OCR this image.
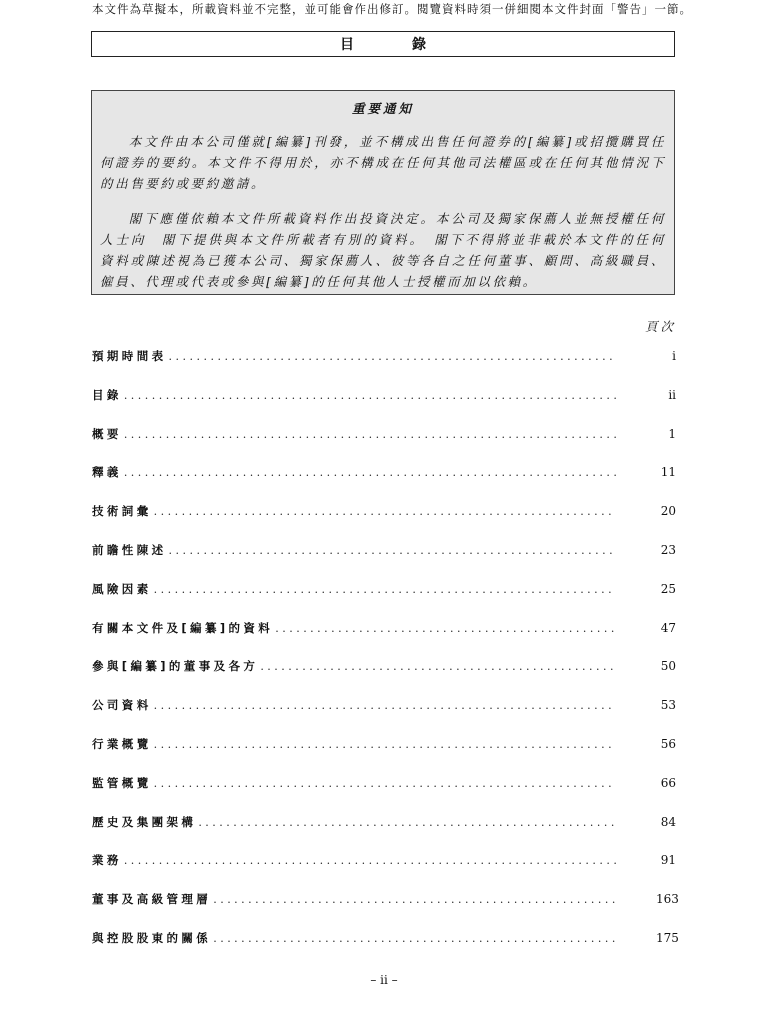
本文件為草擬本，所載資料並不完整，並可能會作出修訂。閱覽資料時須一併細閱本文件封面「警告」一節。
目　錄
重要通知

本文件由本公司僅就[編纂]刊發，並不構成出售任何證券的[編纂]或招攬購買任何證券的要約。本文件不得用於，亦不構成在任何其他司法權區或在任何其他情況下的出售要約或要約邀請。

閣下應僅依賴本文件所載資料作出投資決定。本公司及獨家保薦人並無授權任何人士向　閣下提供與本文件所載者有別的資料。　閣下不得將並非載於本文件的任何資料或陳述視為已獲本公司、獨家保薦人、彼等各自之任何董事、顧問、高級職員、僱員、代理或代表或參與[編纂]的任何其他人士授權而加以依賴。

頁次
預期時間表 . . .	i
目錄 . . .	ii
概要 . . .	1
釋義 . . .	11
技術詞彙 . . .	20
前瞻性陳述 . . .	23
風險因素 . . .	25
有關本文件及[編纂]的資料 . . .	47
參與[編纂]的董事及各方 . . .	50
公司資料 . . .	53
行業概覽 . . .	56
監管概覽 . . .	66
歷史及集團架構 . . .	84
業務 . . .	91
董事及高級管理層 . . .	163
與控股股東的關係 . . .	175
– ii –
